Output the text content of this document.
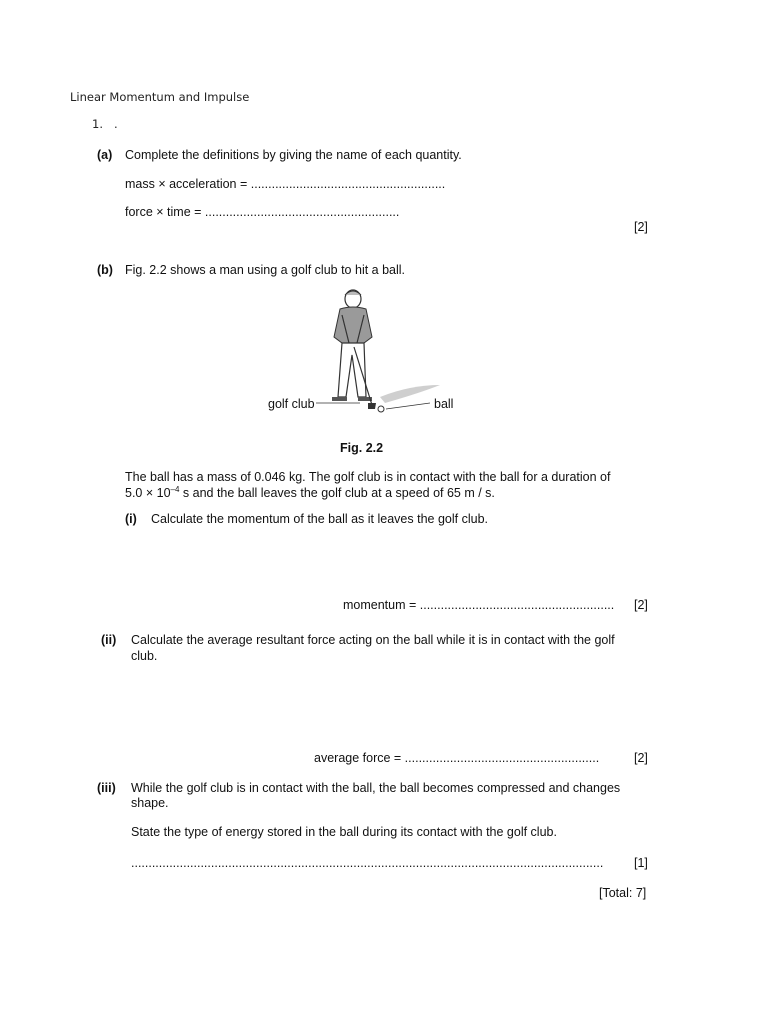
Linear Momentum and Impulse
1. .
(a) Complete the definitions by giving the name of each quantity.
mass × acceleration = ........................................................
force × time = ........................................................
[2]
(b) Fig. 2.2 shows a man using a golf club to hit a ball.
golf club	ball
Fig. 2.2
The ball has a mass of 0.046 kg. The golf club is in contact with the ball for a duration of
$5.0 \times 10^{-4}$ s and the ball leaves the golf club at a speed of 65 m / s.
(i) Calculate the momentum of the ball as it leaves the golf club.
momentum = ........................................................ [2]
(ii) Calculate the average resultant force acting on the ball while it is in contact with the golf
club.
average force = ........................................................	[2]
(iii) While the golf club is in contact with the ball, the ball becomes compressed and changes
shape.
State the type of energy stored in the ball during its contact with the golf club.
........................................................................................................................................	[1]
[Total: 7]
